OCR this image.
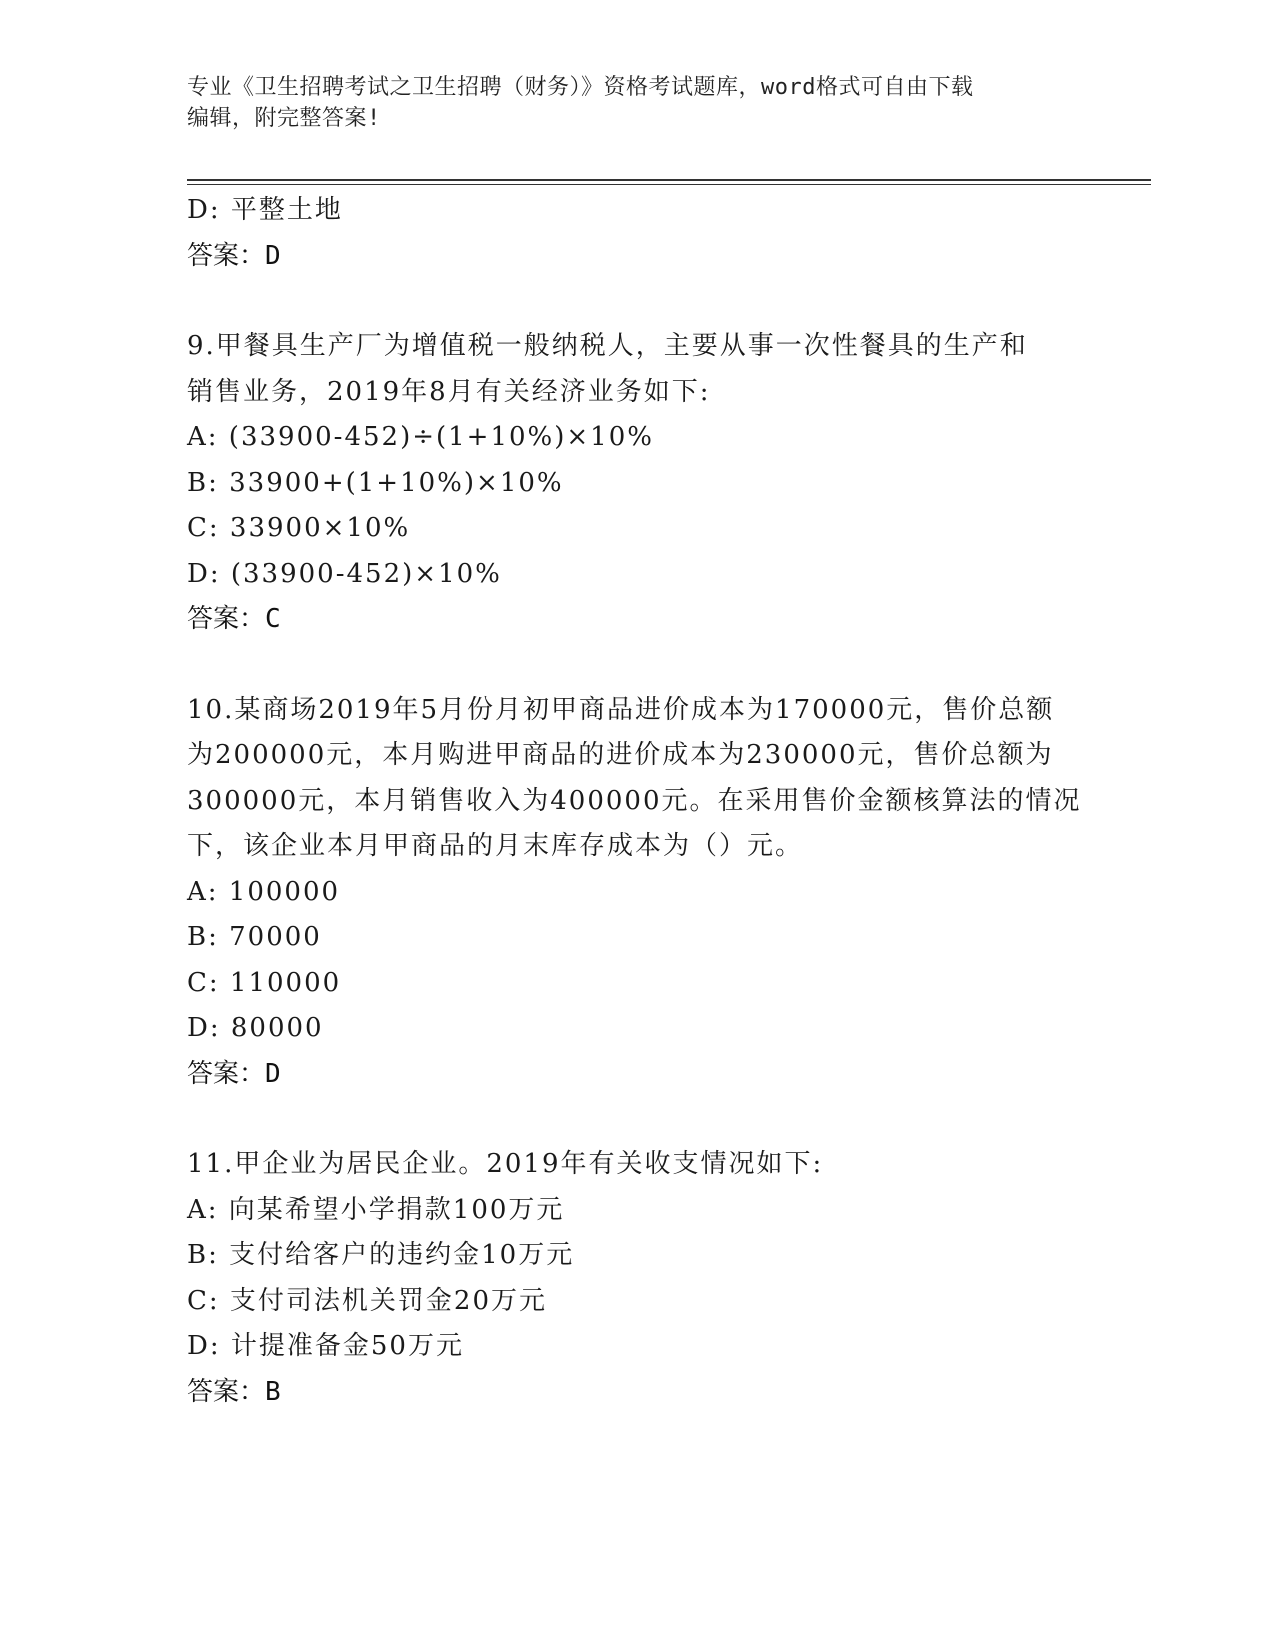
专业《卫生招聘考试之卫生招聘（财务）》资格考试题库，word格式可自由下载
编辑，附完整答案!
D: 平整土地
答案：D
9.甲餐具生产厂为增值税一般纳税人，主要从事一次性餐具的生产和
销售业务，2019年8月有关经济业务如下:
A: (33900-452)÷(1+10%)×10%
B: 33900+(1+10%)×10%
C: 33900×10%
D: (33900-452)×10%
答案：C
10.某商场2019年5月份月初甲商品进价成本为170000元，售价总额
为200000元，本月购进甲商品的进价成本为230000元，售价总额为
300000元，本月销售收入为400000元。在采用售价金额核算法的情况
下，该企业本月甲商品的月末库存成本为（）元。
A: 100000
B: 70000
C: 110000
D: 80000
答案：D
11.甲企业为居民企业。2019年有关收支情况如下:
A: 向某希望小学捐款100万元
B: 支付给客户的违约金10万元
C: 支付司法机关罚金20万元
D: 计提准备金50万元
答案：B
